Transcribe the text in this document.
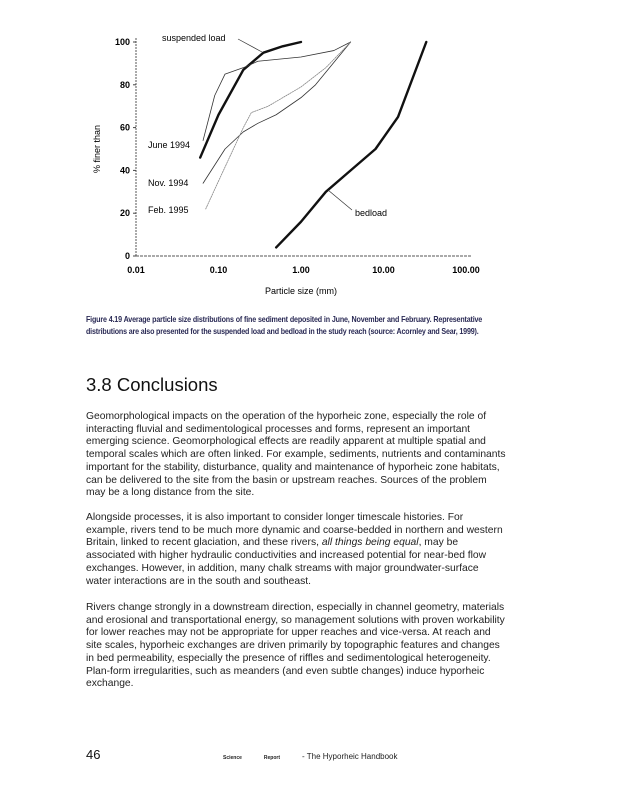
0
20
40
60
80
100
0.01	0.10	1.00	10.00	100.00
Particle size (mm)
% finer than
suspended load
June 1994
Nov. 1994
Feb. 1995	bedload
Figure 4.19 Average particle size distributions of fine sediment deposited in June, November and February. Representative distributions are also presented for the suspended load and bedload in the study reach (source: Acornley and Sear, 1999).
3.8 Conclusions
Geomorphological impacts on the operation of the hyporheic zone, especially the role of interacting fluvial and sedimentological processes and forms, represent an important emerging science. Geomorphological effects are readily apparent at multiple spatial and temporal scales which are often linked. For example, sediments, nutrients and contaminants important for the stability, disturbance, quality and maintenance of hyporheic zone habitats, can be delivered to the site from the basin or upstream reaches. Sources of the problem may be a long distance from the site.
Alongside processes, it is also important to consider longer timescale histories. For example, rivers tend to be much more dynamic and coarse-bedded in northern and western Britain, linked to recent glaciation, and these rivers, all things being equal, may be associated with higher hydraulic conductivities and increased potential for near-bed flow exchanges. However, in addition, many chalk streams with major groundwater-surface water interactions are in the south and southeast.
Rivers change strongly in a downstream direction, especially in channel geometry, materials and erosional and transportational energy, so management solutions with proven workability for lower reaches may not be appropriate for upper reaches and vice-versa. At reach and site scales, hyporheic exchanges are driven primarily by topographic features and changes in bed permeability, especially the presence of riffles and sedimentological heterogeneity. Plan-form irregularities, such as meanders (and even subtle changes) induce hyporheic exchange.
46	Science	Report	- The Hyporheic Handbook
